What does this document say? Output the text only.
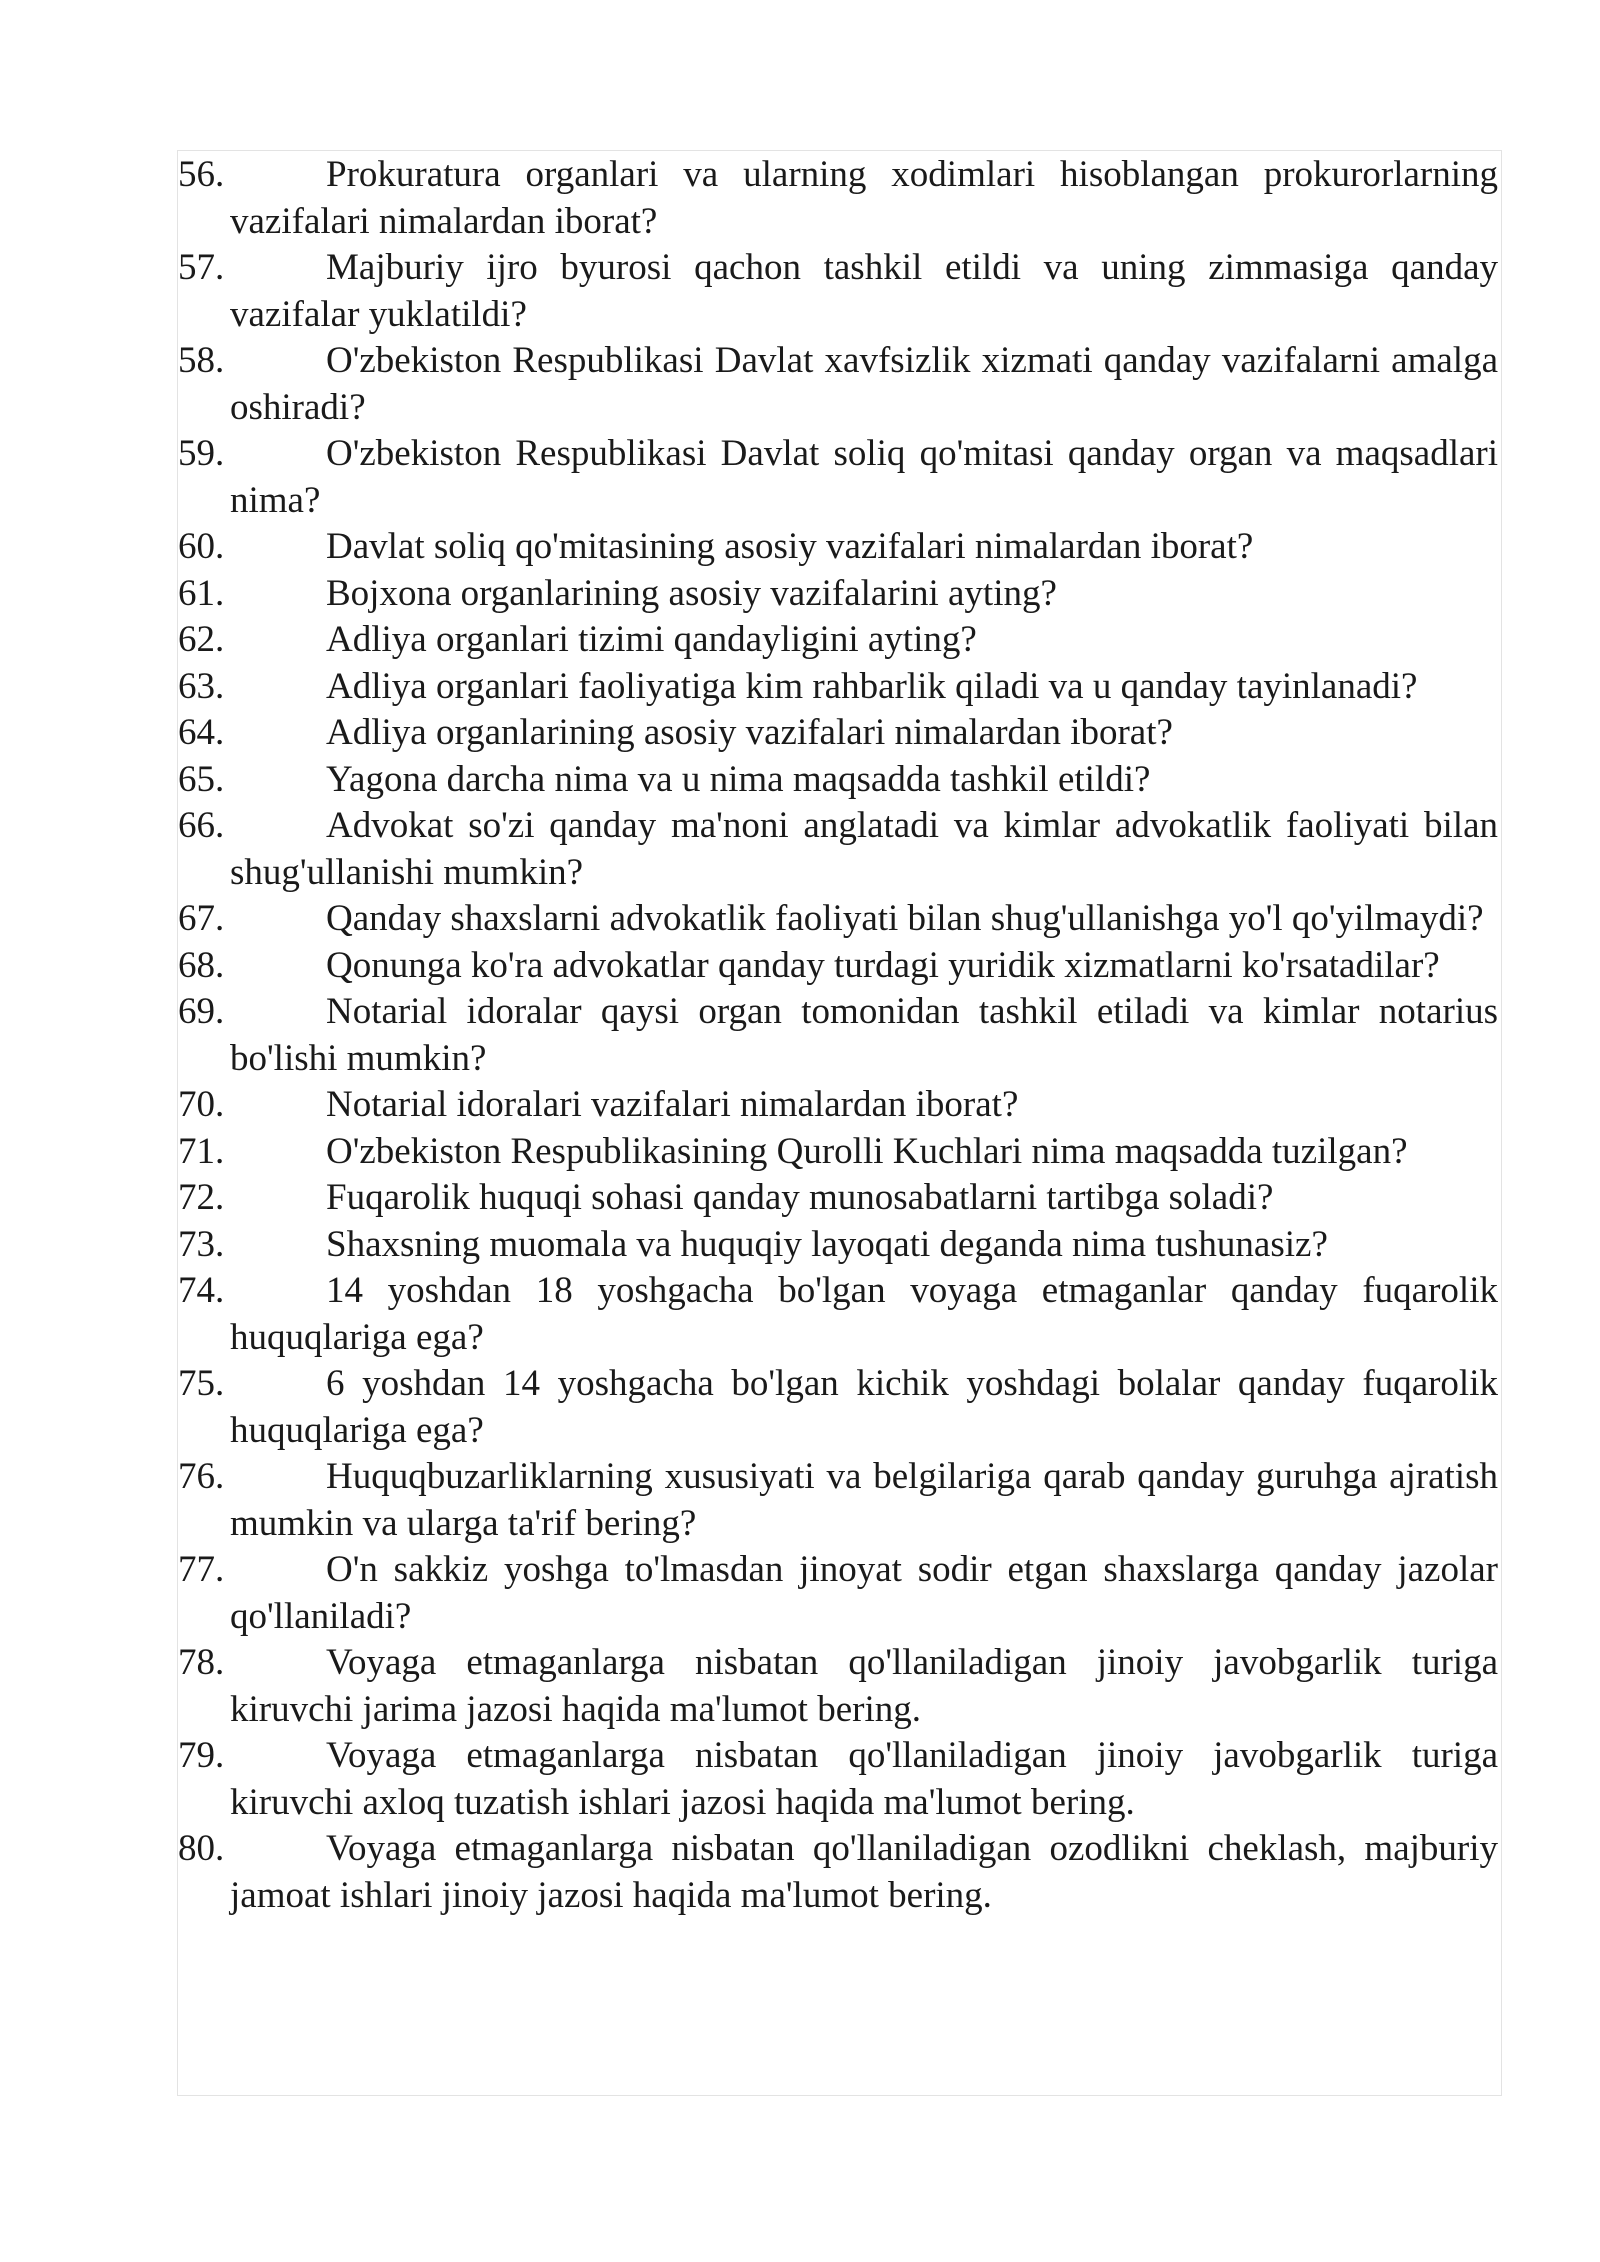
56.	Prokuratura organlari va ularning xodimlari hisoblangan prokurorlarning vazifalari nimalardan iborat?
57.	Majburiy ijro byurosi qachon tashkil etildi va uning zimmasiga qanday vazifalar yuklatildi?
58.	O'zbekiston Respublikasi Davlat xavfsizlik xizmati qanday vazifalarni amalga oshiradi?
59.	O'zbekiston Respublikasi Davlat soliq qo'mitasi qanday organ va maqsadlari nima?
60.	Davlat soliq qo'mitasining asosiy vazifalari nimalardan iborat?
61.	Bojxona organlarining asosiy vazifalarini ayting?
62.	Adliya organlari tizimi qandayligini ayting?
63.	Adliya organlari faoliyatiga kim rahbarlik qiladi va u qanday tayinlanadi?
64.	Adliya organlarining asosiy vazifalari nimalardan iborat?
65.	Yagona darcha nima va u nima maqsadda tashkil etildi?
66.	Advokat so'zi qanday ma'noni anglatadi va kimlar advokatlik faoliyati bilan shug'ullanishi mumkin?
67.	Qanday shaxslarni advokatlik faoliyati bilan shug'ullanishga yo'l qo'yilmaydi?
68.	Qonunga ko'ra advokatlar qanday turdagi yuridik xizmatlarni ko'rsatadilar?
69.	Notarial idoralar qaysi organ tomonidan tashkil etiladi va kimlar notarius bo'lishi mumkin?
70.	Notarial idoralari vazifalari nimalardan iborat?
71.	O'zbekiston Respublikasining Qurolli Kuchlari nima maqsadda tuzilgan?
72.	Fuqarolik huquqi sohasi qanday munosabatlarni tartibga soladi?
73.	Shaxsning muomala va huquqiy layoqati deganda nima tushunasiz?
74.	14 yoshdan 18 yoshgacha bo'lgan voyaga etmaganlar qanday fuqarolik huquqlariga ega?
75.	6 yoshdan 14 yoshgacha bo'lgan kichik yoshdagi bolalar qanday fuqarolik huquqlariga ega?
76.	Huquqbuzarliklarning xususiyati va belgilariga qarab qanday guruhga ajratish mumkin va ularga ta'rif bering?
77.	O'n sakkiz yoshga to'lmasdan jinoyat sodir etgan shaxslarga qanday jazolar qo'llaniladi?
78.	Voyaga etmaganlarga nisbatan qo'llaniladigan jinoiy javobgarlik turiga kiruvchi jarima jazosi haqida ma'lumot bering.
79.	Voyaga etmaganlarga nisbatan qo'llaniladigan jinoiy javobgarlik turiga kiruvchi axloq tuzatish ishlari jazosi haqida ma'lumot bering.
80.	Voyaga etmaganlarga nisbatan qo'llaniladigan ozodlikni cheklash, majburiy jamoat ishlari jinoiy jazosi haqida ma'lumot bering.
